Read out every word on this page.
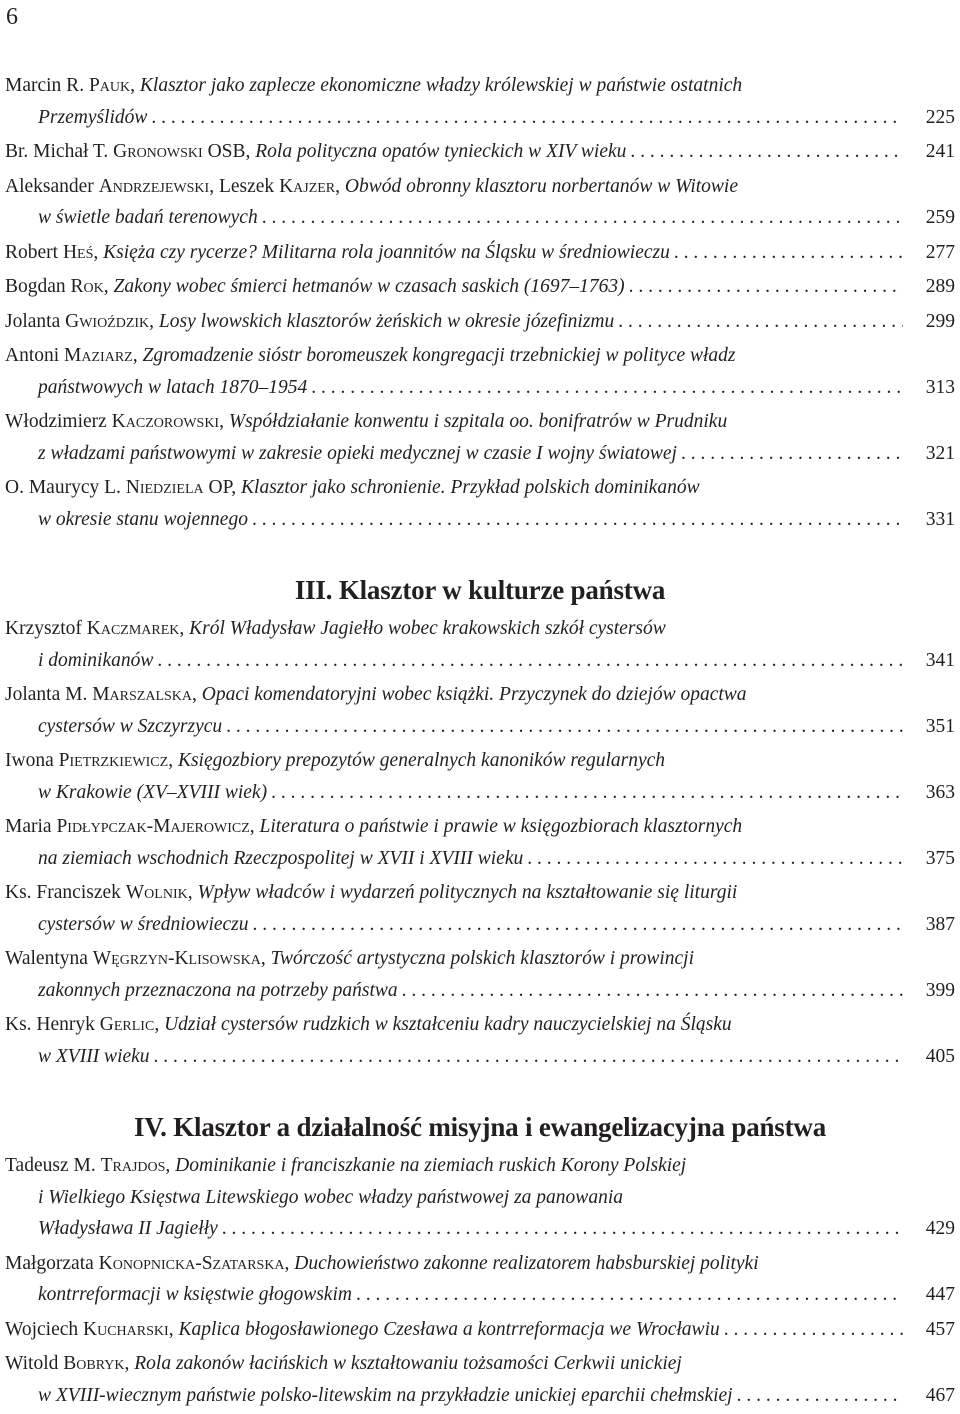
6
Marcin R. Pauk, Klasztor jako zaplecze ekonomiczne władzy królewskiej w państwie ostatnich
Przemyślidów . . .	225
Br. Michał T. Gronowski OSB, Rola polityczna opatów tynieckich w XIV wieku . . .	241
Aleksander Andrzejewski, Leszek Kajzer, Obwód obronny klasztoru norbertanów w Witowie
w świetle badań terenowych . . .	259
Robert Heś, Księża czy rycerze? Militarna rola joannitów na Śląsku w średniowieczu . . .	277
Bogdan Rok, Zakony wobec śmierci hetmanów w czasach saskich (1697–1763) . . .	289
Jolanta Gwioździk, Losy lwowskich klasztorów żeńskich w okresie józefinizmu . . .	299
Antoni Maziarz, Zgromadzenie sióstr boromeuszek kongregacji trzebnickiej w polityce władz
państwowych w latach 1870–1954 . . .	313
Włodzimierz Kaczorowski, Współdziałanie konwentu i szpitala oo. bonifratrów w Prudniku
z władzami państwowymi w zakresie opieki medycznej w czasie I wojny światowej . . .	321
O. Maurycy L. Niedziela OP, Klasztor jako schronienie. Przykład polskich dominikanów
w okresie stanu wojennego . . .	331
III. Klasztor w kulturze państwa
Krzysztof Kaczmarek, Król Władysław Jagiełło wobec krakowskich szkół cystersów
i dominikanów . . .	341
Jolanta M. Marszalska, Opaci komendatoryjni wobec książki. Przyczynek do dziejów opactwa
cystersów w Szczyrzycu . . .	351
Iwona Pietrzkiewicz, Księgozbiory prepozytów generalnych kanoników regularnych
w Krakowie (XV–XVIII wiek) . . .	363
Maria Pidłypczak-Majerowicz, Literatura o państwie i prawie w księgozbiorach klasztornych
na ziemiach wschodnich Rzeczpospolitej w XVII i XVIII wieku . . .	375
Ks. Franciszek Wolnik, Wpływ władców i wydarzeń politycznych na kształtowanie się liturgii
cystersów w średniowieczu . . .	387
Walentyna Węgrzyn-Klisowska, Twórczość artystyczna polskich klasztorów i prowincji
zakonnych przeznaczona na potrzeby państwa . . .	399
Ks. Henryk Gerlic, Udział cystersów rudzkich w kształceniu kadry nauczycielskiej na Śląsku
w XVIII wieku . . .	405
IV. Klasztor a działalność misyjna i ewangelizacyjna państwa
Tadeusz M. Trajdos, Dominikanie i franciszkanie na ziemiach ruskich Korony Polskiej
i Wielkiego Księstwa Litewskiego wobec władzy państwowej za panowania
Władysława II Jagiełły . . .	429
Małgorzata Konopnicka-Szatarska, Duchowieństwo zakonne realizatorem habsburskiej polityki
kontrreformacji w księstwie głogowskim . . .	447
Wojciech Kucharski, Kaplica błogosławionego Czesława a kontrreformacja we Wrocławiu . . .	457
Witold Bobryk, Rola zakonów łacińskich w kształtowaniu tożsamości Cerkwii unickiej
w XVIII-wiecznym państwie polsko-litewskim na przykładzie unickiej eparchii chełmskiej . . .	467
